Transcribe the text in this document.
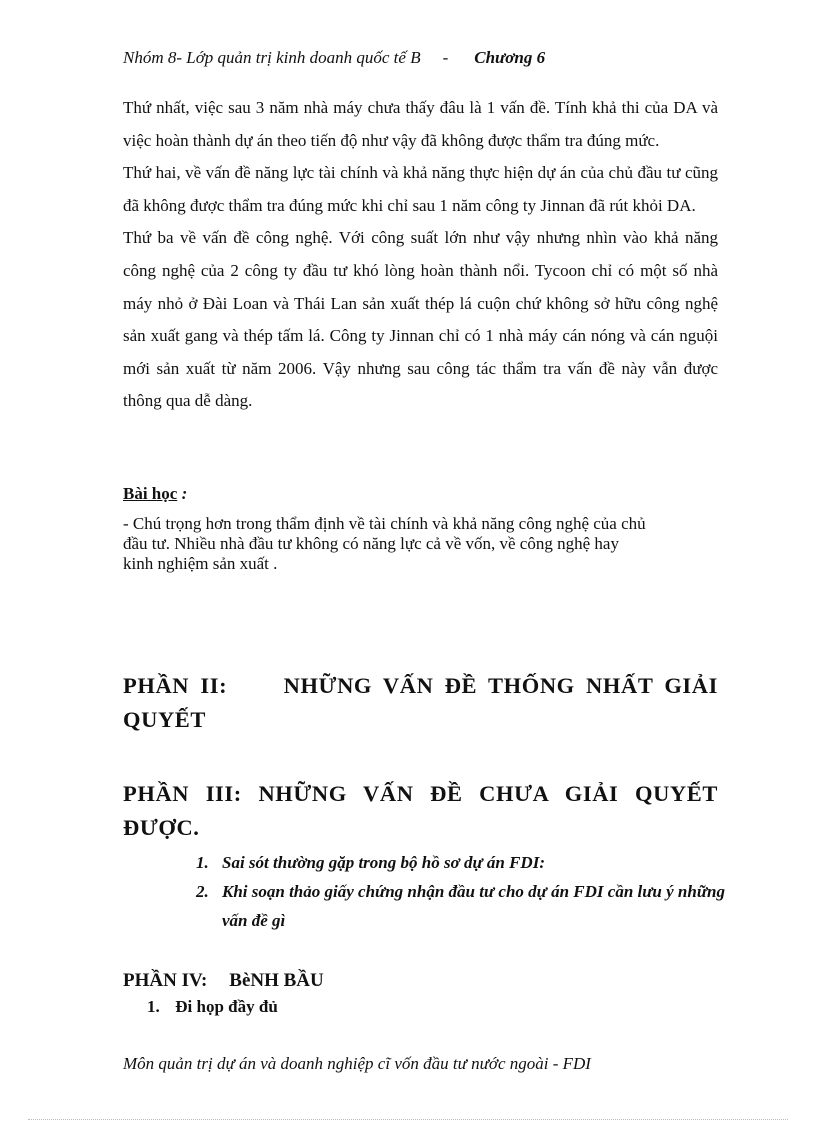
Nhóm 8- Lớp quản trị kinh doanh quốc tế B - Chương 6

Thứ nhất, việc sau 3 năm nhà máy chưa thấy đâu là 1 vấn đề. Tính khả thi của DA và việc hoàn thành dự án theo tiến độ như vậy đã không được thẩm tra đúng mức.

Thứ hai, về vấn đề năng lực tài chính và khả năng thực hiện dự án của chủ đầu tư cũng đã không được thẩm tra đúng mức khi chỉ sau 1 năm công ty Jinnan đã rút khỏi DA.

Thứ ba về vấn đề công nghệ. Với công suất lớn như vậy nhưng nhìn vào khả năng công nghệ của 2 công ty đầu tư khó lòng hoàn thành nổi. Tycoon chỉ có một số nhà máy nhỏ ở Đài Loan và Thái Lan sản xuất thép lá cuộn chứ không sở hữu công nghệ sản xuất gang và thép tấm lá. Công ty Jinnan chỉ có 1 nhà máy cán nóng và cán nguội mới sản xuất từ năm 2006. Vậy nhưng sau công tác thẩm tra vấn đề này vẫn được thông qua dễ dàng.

Bài học :

- Chú trọng hơn trong thẩm định về tài chính và khả năng công nghệ của chủ

đầu tư. Nhiều nhà đầu tư không có năng lực cả về vốn, về công nghệ hay

kinh nghiệm sản xuất .

PHẦN II:	NHỮNG VẤN ĐỀ THỐNG NHẤT GIẢI QUYẾT
PHẦN III: NHỮNG VẤN ĐỀ CHƯA GIẢI QUYẾT ĐƯỢC.
1. Sai sót thường gặp trong bộ hồ sơ dự án FDI:
2. Khi soạn thảo giấy chứng nhận đầu tư cho dự án FDI cần lưu ý những vấn đề gì
PHẦN IV: BèNH BẦU
1. Đi họp đầy đủ
Môn quản trị dự án và doanh nghiệp cĩ vốn đầu tư nước ngoài - FDI
